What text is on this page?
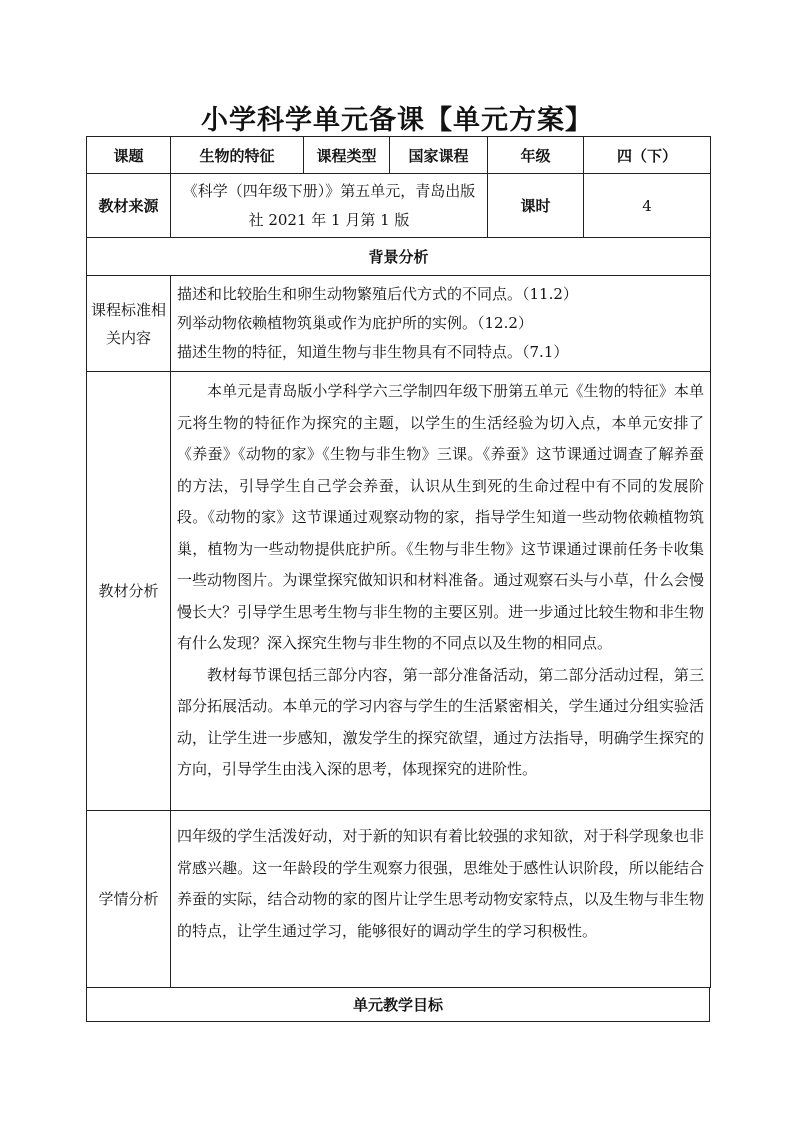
小学科学单元备课【单元方案】
课题	生物的特征	课程类型	国家课程	年级	四（下）
教材来源	《科学（四年级下册）》第五单元，青岛出版社 2021 年 1 月第 1 版			课时	4
背景分析					
课程标准相关内容	描述和比较胎生和卵生动物繁殖后代方式的不同点。（11.2）
列举动物依赖植物筑巢或作为庇护所的实例。（12.2）
描述生物的特征，知道生物与非生物具有不同特点。（7.1）				

教材分析	本单元是青岛版小学科学六三学制四年级下册第五单元《生物的特征》本单元将生物的特征作为探究的主题，以学生的生活经验为切入点，本单元安排了《养蚕》《动物的家》《生物与非生物》三课。《养蚕》这节课通过调查了解养蚕的方法，引导学生自己学会养蚕，认识从生到死的生命过程中有不同的发展阶段。《动物的家》这节课通过观察动物的家，指导学生知道一些动物依赖植物筑巢，植物为一些动物提供庇护所。《生物与非生物》这节课通过课前任务卡收集一些动物图片。为课堂探究做知识和材料准备。通过观察石头与小草，什么会慢慢长大？引导学生思考生物与非生物的主要区别。进一步通过比较生物和非生物有什么发现？深入探究生物与非生物的不同点以及生物的相同点。
教材每节课包括三部分内容，第一部分准备活动，第二部分活动过程，第三部分拓展活动。本单元的学习内容与学生的生活紧密相关，学生通过分组实验活动，让学生进一步感知，激发学生的探究欲望，通过方法指导，明确学生探究的方向，引导学生由浅入深的思考，体现探究的进阶性。				

学情分析	四年级的学生活泼好动，对于新的知识有着比较强的求知欲，对于科学现象也非常感兴趣。这一年龄段的学生观察力很强，思维处于感性认识阶段，所以能结合养蚕的实际，结合动物的家的图片让学生思考动物安家特点，以及生物与非生物的特点，让学生通过学习，能够很好的调动学生的学习积极性。				
单元教学目标
